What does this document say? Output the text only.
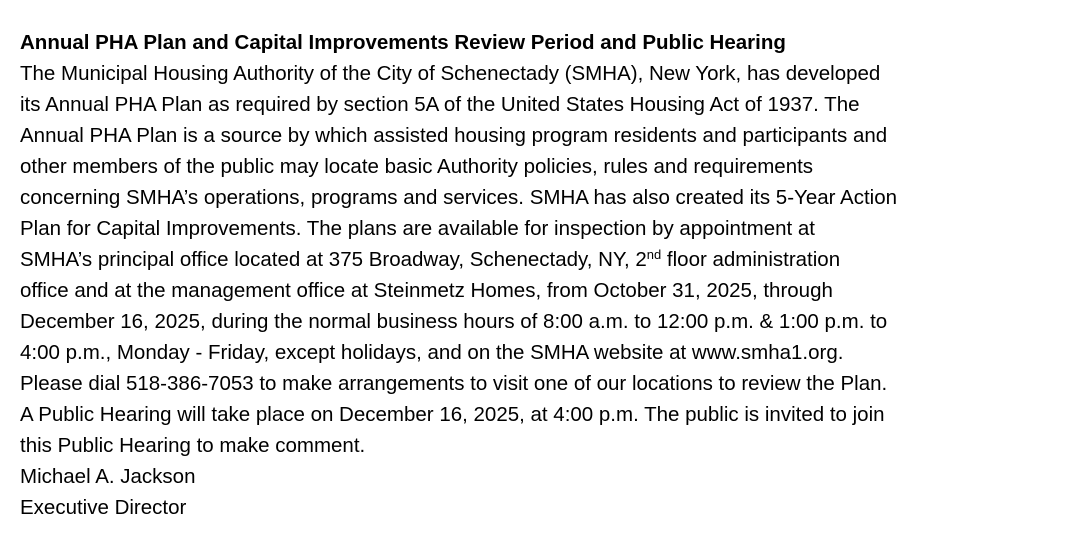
Annual PHA Plan and Capital Improvements Review Period and Public Hearing
The Municipal Housing Authority of the City of Schenectady (SMHA), New York, has developed
its Annual PHA Plan as required by section 5A of the United States Housing Act of 1937. The
Annual PHA Plan is a source by which assisted housing program residents and participants and
other members of the public may locate basic Authority policies, rules and requirements
concerning SMHA’s operations, programs and services. SMHA has also created its 5-Year Action
Plan for Capital Improvements. The plans are available for inspection by appointment at
SMHA’s principal office located at 375 Broadway, Schenectady, NY, 2nd floor administration
office and at the management office at Steinmetz Homes, from October 31, 2025, through
December 16, 2025, during the normal business hours of 8:00 a.m. to 12:00 p.m. & 1:00 p.m. to
4:00 p.m., Monday - Friday, except holidays, and on the SMHA website at www.smha1.org.
Please dial 518-386-7053 to make arrangements to visit one of our locations to review the Plan.
A Public Hearing will take place on December 16, 2025, at 4:00 p.m. The public is invited to join
this Public Hearing to make comment.
Michael A. Jackson
Executive Director
